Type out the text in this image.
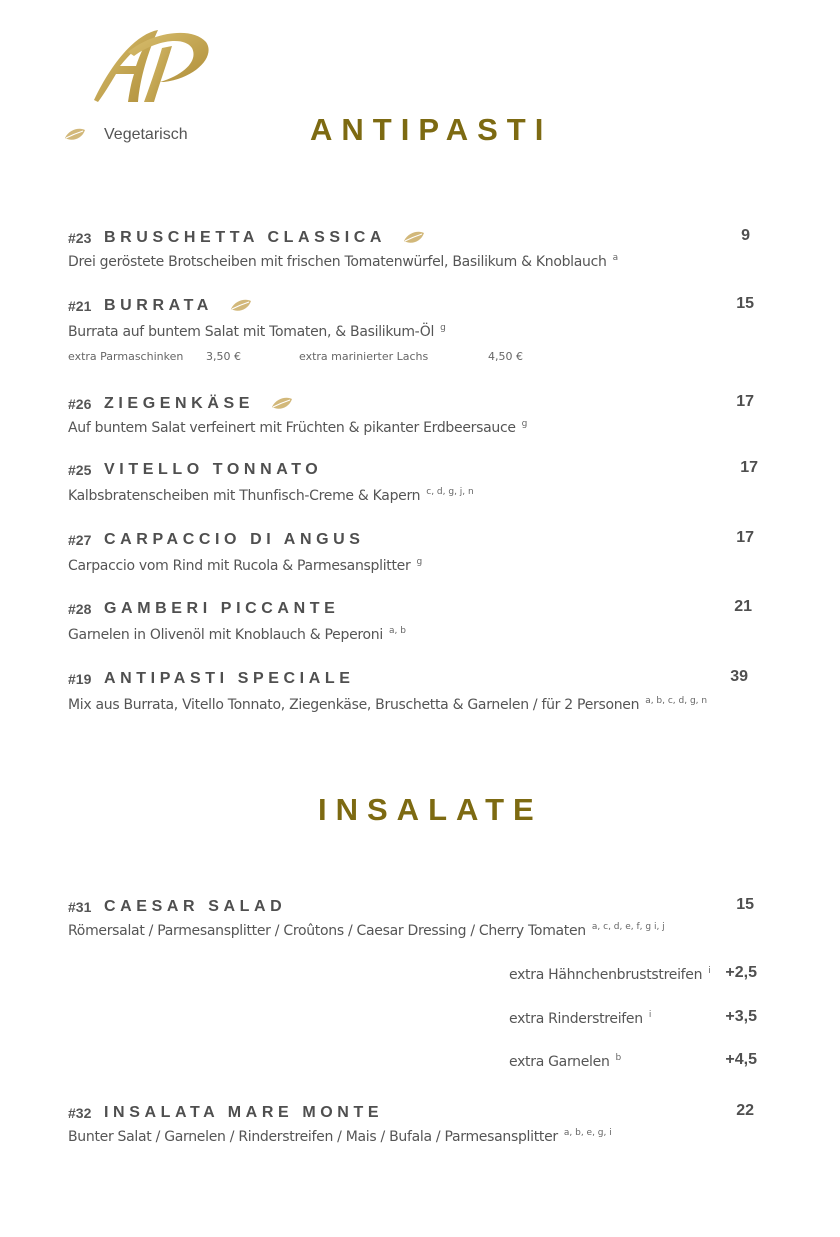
Vegetarisch	ANTIPASTI
INSALATE
#23 BRUSCHETTA CLASSICA	9
Drei geröstete Brotscheiben mit frischen Tomatenwürfel, Basilikum & Knoblauch $^a$
#21 BURRATA	15
Burrata auf buntem Salat mit Tomaten, & Basilikum-Öl $^g$
extra Parmaschinken 3,50 €	extra marinierter Lachs	4,50 €
#26 ZIEGENKÄSE	17
Auf buntem Salat verfeinert mit Früchten & pikanter Erdbeersauce $^g$
#25 VITELLO TONNATO	17
Kalbsbratenscheiben mit Thunfisch-Creme & Kapern $^{c, d, g, j, n}$
#27 CARPACCIO DI ANGUS	17
Carpaccio vom Rind mit Rucola & Parmesansplitter $^g$
#28 GAMBERI PICCANTE	21
Garnelen in Olivenöl mit Knoblauch & Peperoni $^{a, b}$
#19 ANTIPASTI SPECIALE	39
Mix aus Burrata, Vitello Tonnato, Ziegenkäse, Bruschetta & Garnelen / für 2 Personen $^{a, b, c, d, g, n}$
#31 CAESAR SALAD	15
Römersalat / Parmesansplitter / Croûtons / Caesar Dressing / Cherry Tomaten $^{a, c, d, e, f, g i, j}$
extra Hähnchenbruststreifen $^i$ +2,5
extra Rinderstreifen $^i$	+3,5
extra Garnelen $^b$	+4,5
#32 INSALATA MARE MONTE	22
Bunter Salat / Garnelen / Rinderstreifen / Mais / Bufala / Parmesansplitter $^{a, b, e, g, i}$
